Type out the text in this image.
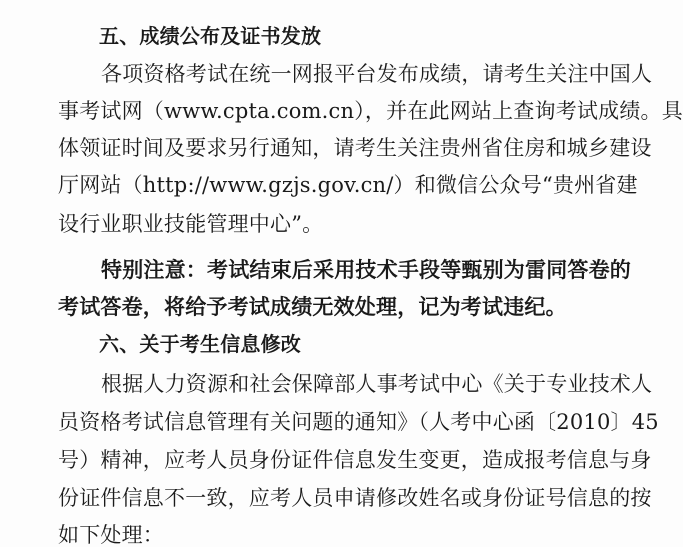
五、成绩公布及证书发放
各项资格考试在统一网报平台发布成绩，请考生关注中国人
事考试网（www.cpta.com.cn），并在此网站上查询考试成绩。具
体领证时间及要求另行通知，请考生关注贵州省住房和城乡建设
厅网站（http://www.gzjs.gov.cn/）和微信公众号“贵州省建
设行业职业技能管理中心”。
特别注意：考试结束后采用技术手段等甄别为雷同答卷的
考试答卷，将给予考试成绩无效处理，记为考试违纪。
六、关于考生信息修改
根据人力资源和社会保障部人事考试中心《关于专业技术人
员资格考试信息管理有关问题的通知》（人考中心函〔2010〕45
号）精神，应考人员身份证件信息发生变更，造成报考信息与身
份证件信息不一致，应考人员申请修改姓名或身份证号信息的按
如下处理：
